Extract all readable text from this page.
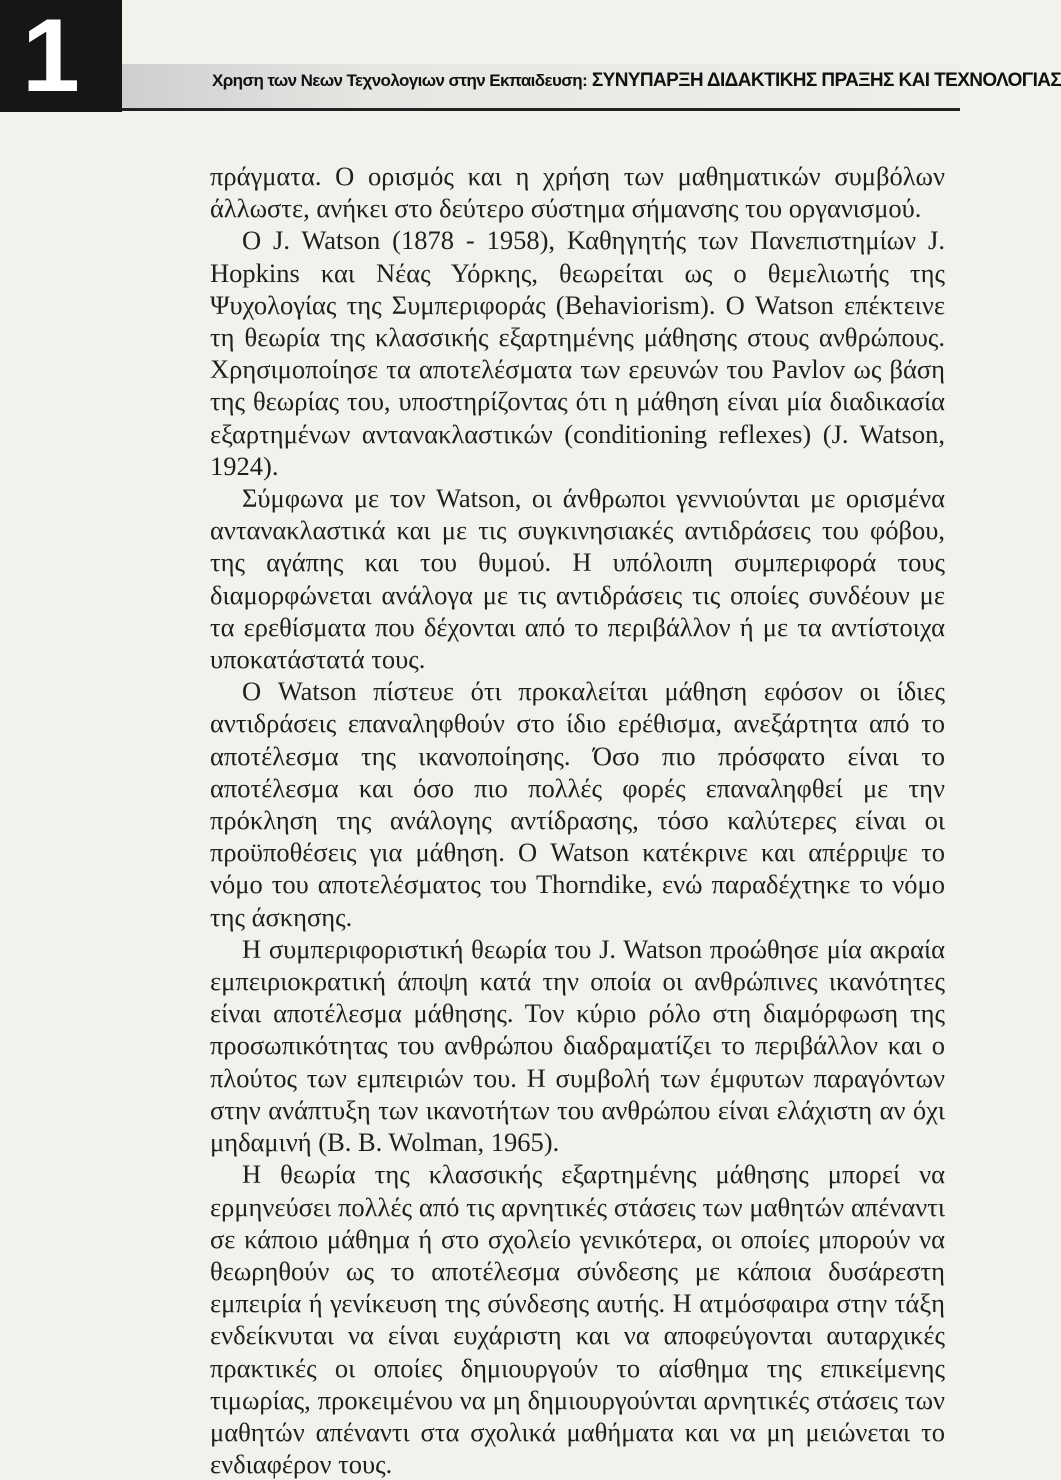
1	Χρηση των Νεων Τεχνολογιων στην Εκπαιδευση: ΣΥΝΥΠΑΡΞΗ ΔΙΔΑΚΤΙΚΗΣ ΠΡΑΞΗΣ ΚΑΙ ΤΕΧΝΟΛΟΓΙΑΣ

πράγματα. Ο ορισμός και η χρήση των μαθηματικών συμβόλων άλλωστε, ανήκει στο δεύτερο σύστημα σήμανσης του οργανισμού.

Ο J. Watson (1878 - 1958), Καθηγητής των Πανεπιστημίων J. Hopkins και Νέας Υόρκης, θεωρείται ως ο θεμελιωτής της Ψυχολογίας της Συμπεριφοράς (Behaviorism). Ο Watson επέκτεινε τη θεωρία της κλασσικής εξαρτημένης μάθησης στους ανθρώπους. Χρησιμοποίησε τα αποτελέσματα των ερευνών του Pavlov ως βάση της θεωρίας του, υποστηρίζοντας ότι η μάθηση είναι μία διαδικασία εξαρτημένων αντανακλαστικών (conditioning reflexes) (J. Watson, 1924).

Σύμφωνα με τον Watson, οι άνθρωποι γεννιούνται με ορισμένα αντανακλαστικά και με τις συγκινησιακές αντιδράσεις του φόβου, της αγάπης και του θυμού. Η υπόλοιπη συμπεριφορά τους διαμορφώνεται ανάλογα με τις αντιδράσεις τις οποίες συνδέουν με τα ερεθίσματα που δέχονται από το περιβάλλον ή με τα αντίστοιχα υποκατάστατά τους.

Ο Watson πίστευε ότι προκαλείται μάθηση εφόσον οι ίδιες αντιδράσεις επαναληφθούν στο ίδιο ερέθισμα, ανεξάρτητα από το αποτέλεσμα της ικανοποίησης. Όσο πιο πρόσφατο είναι το αποτέλεσμα και όσο πιο πολλές φορές επαναληφθεί με την πρόκληση της ανάλογης αντίδρασης, τόσο καλύτερες είναι οι προϋποθέσεις για μάθηση. Ο Watson κατέκρινε και απέρριψε το νόμο του αποτελέσματος του Thorndike, ενώ παραδέχτηκε το νόμο της άσκησης.

Η συμπεριφοριστική θεωρία του J. Watson προώθησε μία ακραία εμπειριοκρατική άποψη κατά την οποία οι ανθρώπινες ικανότητες είναι αποτέλεσμα μάθησης. Τον κύριο ρόλο στη διαμόρφωση της προσωπικότητας του ανθρώπου διαδραματίζει το περιβάλλον και ο πλούτος των εμπειριών του. Η συμβολή των έμφυτων παραγόντων στην ανάπτυξη των ικανοτήτων του ανθρώπου είναι ελάχιστη αν όχι μηδαμινή (B. B. Wolman, 1965).

Η θεωρία της κλασσικής εξαρτημένης μάθησης μπορεί να ερμηνεύσει πολλές από τις αρνητικές στάσεις των μαθητών απέναντι σε κάποιο μάθημα ή στο σχολείο γενικότερα, οι οποίες μπορούν να θεωρηθούν ως το αποτέλεσμα σύνδεσης με κάποια δυσάρεστη εμπειρία ή γενίκευση της σύνδεσης αυτής. Η ατμόσφαιρα στην τάξη ενδείκνυται να είναι ευχάριστη και να αποφεύγονται αυταρχικές πρακτικές οι οποίες δημιουργούν το αίσθημα της επικείμενης τιμωρίας, προκειμένου να μη δημιουργούνται αρνητικές στάσεις των μαθητών απέναντι στα σχολικά μαθήματα και να μη μειώνεται το ενδιαφέρον τους.
